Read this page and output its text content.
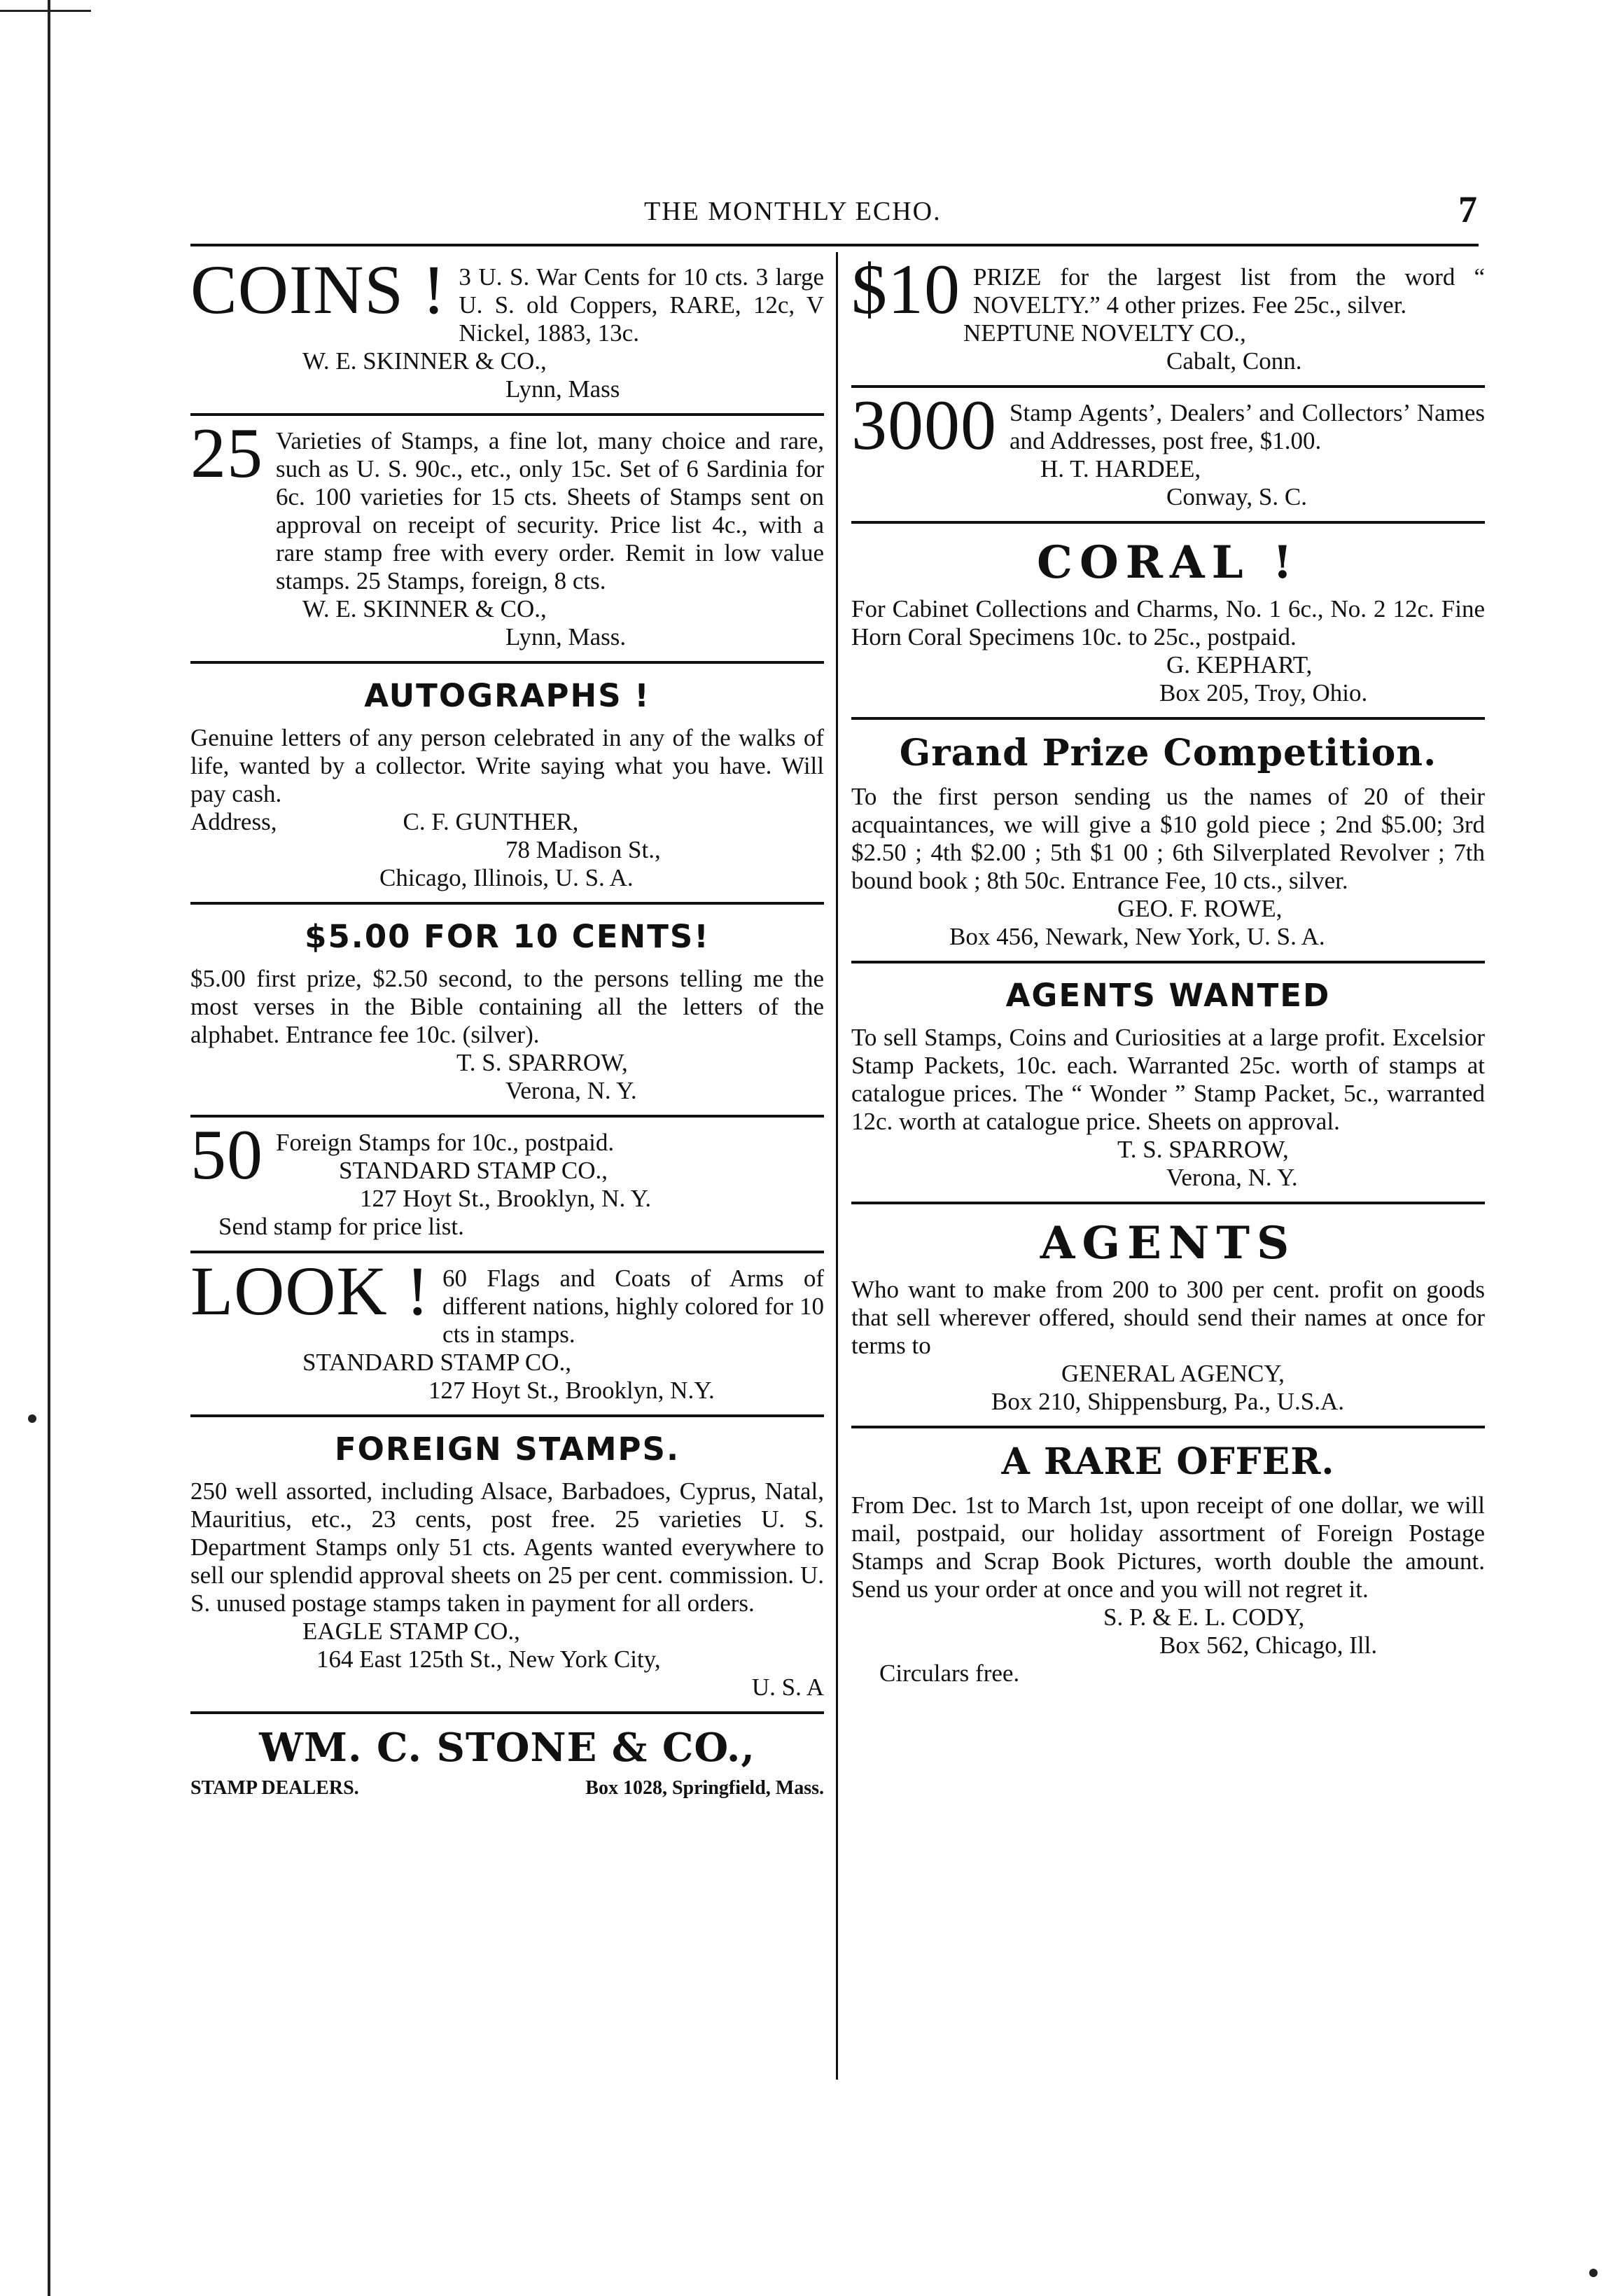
THE MONTHLY ECHO.	7
COINS ! 3 U. S. War Cents for 10 cts. 3 large U. S. old Coppers, RARE, 12c, V Nickel, 1883, 13c.
W. E. SKINNER & CO.,
Lynn, Mass
25 Varieties of Stamps, a fine lot, many choice and rare, such as U. S. 90c., etc., only 15c. Set of 6 Sardinia for 6c. 100 varieties for 15 cts. Sheets of Stamps sent on approval on receipt of security. Price list 4c., with a rare stamp free with every order. Remit in low value stamps. 25 Stamps, foreign, 8 cts.
W. E. SKINNER & CO.,
Lynn, Mass.
AUTOGRAPHS !
Genuine letters of any person celebrated in any of the walks of life, wanted by a collector. Write saying what you have. Will pay cash.
Address,	C. F. GUNTHER,
78 Madison St.,
Chicago, Illinois, U. S. A.
$5.00 FOR 10 CENTS!
$5.00 first prize, $2.50 second, to the persons telling me the most verses in the Bible containing all the letters of the alphabet. Entrance fee 10c. (silver).
T. S. SPARROW,
Verona, N. Y.
50 Foreign Stamps for 10c., postpaid.
STANDARD STAMP CO.,
127 Hoyt St., Brooklyn, N. Y.
Send stamp for price list.
LOOK ! 60 Flags and Coats of Arms of different nations, highly colored for 10 cts in stamps.
STANDARD STAMP CO.,
127 Hoyt St., Brooklyn, N.Y.
FOREIGN STAMPS.
250 well assorted, including Alsace, Barbadoes, Cyprus, Natal, Mauritius, etc., 23 cents, post free. 25 varieties U. S. Department Stamps only 51 cts. Agents wanted everywhere to sell our splendid approval sheets on 25 per cent. commission. U. S. unused postage stamps taken in payment for all orders.
EAGLE STAMP CO.,
164 East 125th St., New York City,
U. S. A
WM. C. STONE & CO.,
STAMP DEALERS.	Box 1028, Springfield, Mass.
$10 PRIZE for the largest list from the word “ NOVELTY.” 4 other prizes. Fee 25c., silver.
NEPTUNE NOVELTY CO.,
Cabalt, Conn.
3000 Stamp Agents’, Dealers’ and Collectors’ Names and Addresses, post free, $1.00.
H. T. HARDEE,
Conway, S. C.
CORAL !
For Cabinet Collections and Charms, No. 1 6c., No. 2 12c. Fine Horn Coral Specimens 10c. to 25c., postpaid.
G. KEPHART,
Box 205, Troy, Ohio.
Grand Prize Competition.
To the first person sending us the names of 20 of their acquaintances, we will give a $10 gold piece ; 2nd $5.00; 3rd $2.50 ; 4th $2.00 ; 5th $1 00 ; 6th Silverplated Revolver ; 7th bound book ; 8th 50c. Entrance Fee, 10 cts., silver.
GEO. F. ROWE,
Box 456, Newark, New York, U. S. A.
AGENTS WANTED
To sell Stamps, Coins and Curiosities at a large profit. Excelsior Stamp Packets, 10c. each. Warranted 25c. worth of stamps at catalogue prices. The “ Wonder ” Stamp Packet, 5c., warranted 12c. worth at catalogue price. Sheets on approval.
T. S. SPARROW,
Verona, N. Y.
AGENTS
Who want to make from 200 to 300 per cent. profit on goods that sell wherever offered, should send their names at once for terms to
GENERAL AGENCY,
Box 210, Shippensburg, Pa., U.S.A.
A RARE OFFER.
From Dec. 1st to March 1st, upon receipt of one dollar, we will mail, postpaid, our holiday assortment of Foreign Postage Stamps and Scrap Book Pictures, worth double the amount. Send us your order at once and you will not regret it.
S. P. & E. L. CODY,
Box 562, Chicago, Ill.
Circulars free.
